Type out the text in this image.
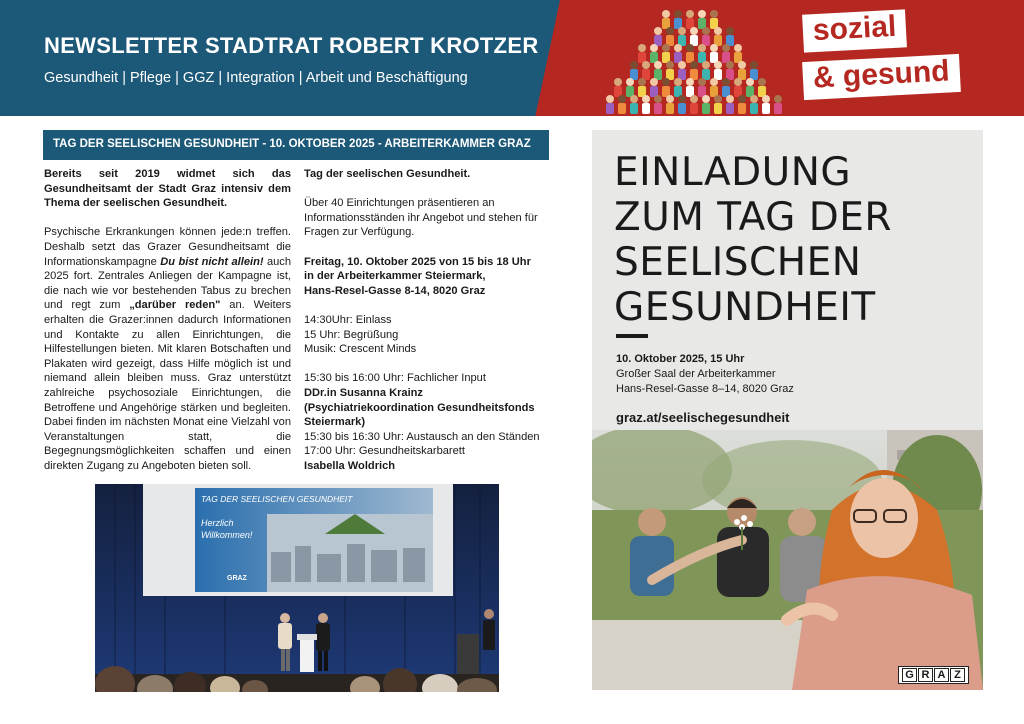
NEWSLETTER STADTRAT ROBERT KROTZER
Gesundheit | Pflege | GGZ | Integration | Arbeit und Beschäftigung
sozial
& gesund
TAG DER SEELISCHEN GESUNDHEIT - 10. OKTOBER 2025 - ARBEITERKAMMER GRAZ

Bereits seit 2019 widmet sich das Gesundheitsamt der Stadt Graz intensiv dem Thema der seelischen Gesundheit.

Psychische Erkrankungen können jede:n treffen. Deshalb setzt das Grazer Gesundheitsamt die Informationskampagne Du bist nicht allein! auch 2025 fort. Zentrales Anliegen der Kampagne ist, die nach wie vor bestehenden Tabus zu brechen und regt zum „darüber reden" an. Weiters erhalten die Grazer:innen dadurch Informationen und Kontakte zu allen Einrichtungen, die Hilfestellungen bieten. Mit klaren Botschaften und Plakaten wird gezeigt, dass Hilfe möglich ist und niemand allein bleiben muss. Graz unterstützt zahlreiche psychosoziale Einrichtungen, die Betroffene und Angehörige stärken und begleiten. Dabei finden im nächsten Monat eine Vielzahl von Veranstaltungen statt, die Begegnungsmöglichkeiten schaffen und einen direkten Zugang zu Angeboten bieten soll.

Tag der seelischen Gesundheit.

Über 40 Einrichtungen präsentieren an Informationsständen ihr Angebot und stehen für Fragen zur Verfügung.

Freitag, 10. Oktober 2025 von 15 bis 18 Uhr
in der Arbeiterkammer Steiermark,
Hans-Resel-Gasse 8-14, 8020 Graz

14:30Uhr: Einlass
15 Uhr: Begrüßung
Musik: Crescent Minds

15:30 bis 16:00 Uhr: Fachlicher Input
DDr.in Susanna Krainz (Psychiatriekoordination Gesundheitsfonds Steiermark)
15:30 bis 16:30 Uhr: Austausch an den Ständen
17:00 Uhr: Gesundheitskarbarett
Isabella Woldrich

TAG DER SEELISCHEN GESUNDHEIT
Herzlich
Willkommen!
GRAZ
EINLADUNG
ZUM TAG DER
SEELISCHEN
GESUNDHEIT
10. Oktober 2025, 15 Uhr
Großer Saal der Arbeiterkammer
Hans-Resel-Gasse 8–14, 8020 Graz
graz.at/seelischegesundheit
G R A Z
